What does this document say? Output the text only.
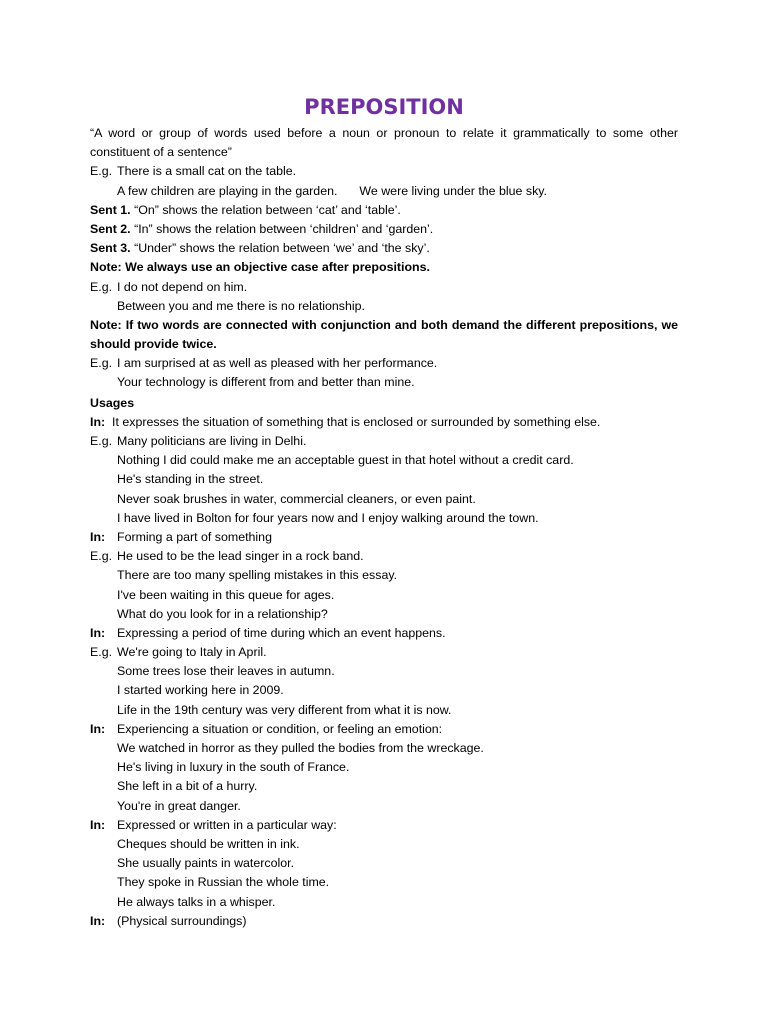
PREPOSITION
“A word or group of words used before a noun or pronoun to relate it grammatically to some other
constituent of a sentence”
E.g. There is a small cat on the table.
A few children are playing in the garden. We were living under the blue sky.
Sent 1.
“On” shows the relation between ‘cat’ and ‘table’.
Sent 2.
“In” shows the relation between ‘children’ and ‘garden’.
Sent 3.
“Under” shows the relation between ‘we’ and ‘the sky’.
Note: We always use an objective case after prepositions.
E.g. I do not depend on him.
Between you and me there is no relationship.
Note: If two words are connected with conjunction and both demand the different prepositions, we
should provide twice.
E.g. I am surprised at as well as pleased with her performance.
Your technology is different from and better than mine.
Usages
In:
It expresses the situation of something that is enclosed or surrounded by something else.
E.g. Many politicians are living in Delhi.
Nothing I did could make me an acceptable guest in that hotel without a credit card.
He's standing in the street.
Never soak brushes in water, commercial cleaners, or even paint.
I have lived in Bolton for four years now and I enjoy walking around the town.
In: Forming a part of something
E.g. He used to be the lead singer in a rock band.
There are too many spelling mistakes in this essay.
I've been waiting in this queue for ages.
What do you look for in a relationship?
In: Expressing a period of time during which an event happens.
E.g. We're going to Italy in April.
Some trees lose their leaves in autumn.
I started working here in 2009.
Life in the 19th century was very different from what it is now.
In: Experiencing a situation or condition, or feeling an emotion:
We watched in horror as they pulled the bodies from the wreckage.
He's living in luxury in the south of France.
She left in a bit of a hurry.
You're in great danger.
In: Expressed or written in a particular way:
Cheques should be written in ink.
She usually paints in watercolor.
They spoke in Russian the whole time.
He always talks in a whisper.
In: (Physical surroundings)
